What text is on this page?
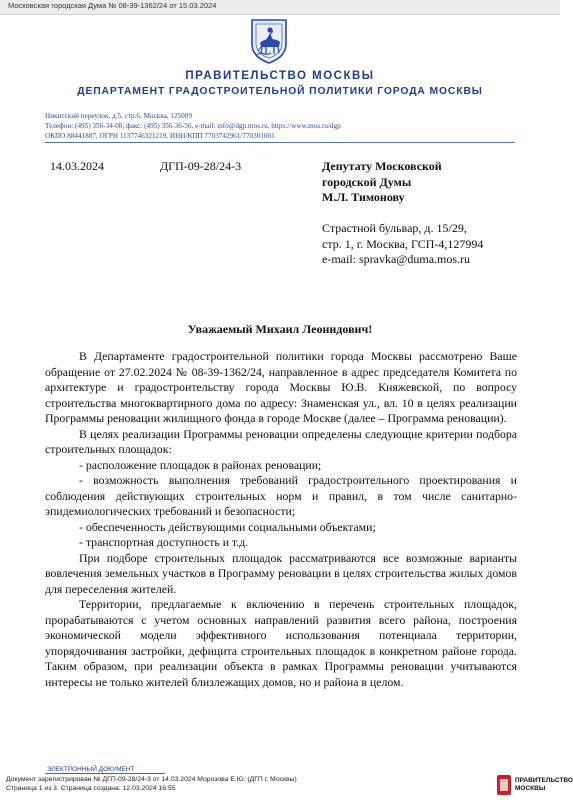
Московская городская Дума № 08-39-1362/24 от 15.03.2024
ПРАВИТЕЛЬСТВО МОСКВЫ
ДЕПАРТАМЕНТ ГРАДОСТРОИТЕЛЬНОЙ ПОЛИТИКИ ГОРОДА МОСКВЫ
Никитский переулок, д.5, стр.6, Москва, 125009
Телефон: (495) 356-34-08, факс: (495) 356-36-56, e-mail: info@dgp.mos.ru, https://www.mos.ru/dgp
ОКПО 88441887, ОГРН 1137746321219, ИНН/КПП 7703742961/770301001
14.03.2024	ДГП-09-28/24-3	Депутату Московской
городской Думы
М.Л. Тимонову
Страстной бульвар, д. 15/29,
стр. 1, г. Москва, ГСП-4,127994
e-mail: spravka@duma.mos.ru
Уважаемый Михаил Леонидович!

В Департаменте градостроительной политики города Москвы рассмотрено Ваше обращение от 27.02.2024 № 08-39-1362/24, направленное в адрес председателя Комитета по архитектуре и градостроительству города Москвы Ю.В. Княжевской, по вопросу строительства многоквартирного дома по адресу: Знаменская ул., вл. 10 в целях реализации Программы реновации жилищного фонда в городе Москве (далее – Программа реновации).

В целях реализации Программы реновации определены следующие критерии подбора строительных площадок:

- расположение площадок в районах реновации;

- возможность выполнения требований градостроительного проектирования и соблюдения действующих строительных норм и правил, в том числе санитарно-эпидемиологических требований и безопасности;

- обеспеченность действующими социальными объектами;

- транспортная доступность и т.д.

При подборе строительных площадок рассматриваются все возможные варианты вовлечения земельных участков в Программу реновации в целях строительства жилых домов для переселения жителей.

Территории, предлагаемые к включению в перечень строительных площадок, прорабатываются с учетом основных направлений развития всего района, построения экономической модели эффективного использования потенциала территории, упорядочивания застройки, дефицита строительных площадок в конкретном районе города. Таким образом, при реализации объекта в рамках Программы реновации учитываются интересы не только жителей близлежащих домов, но и района в целом.

ЭЛЕКТРОННЫЙ ДОКУМЕНТ
Документ зарегистрирован № ДГП-09-28/24-3 от 14.03.2024 Морозова Е.Ю. (ДГП г. Москвы)
Страница 1 из 3. Страница создана: 12.03.2024 16:55
ПРАВИТЕЛЬСТВО
МОСКВЫ
